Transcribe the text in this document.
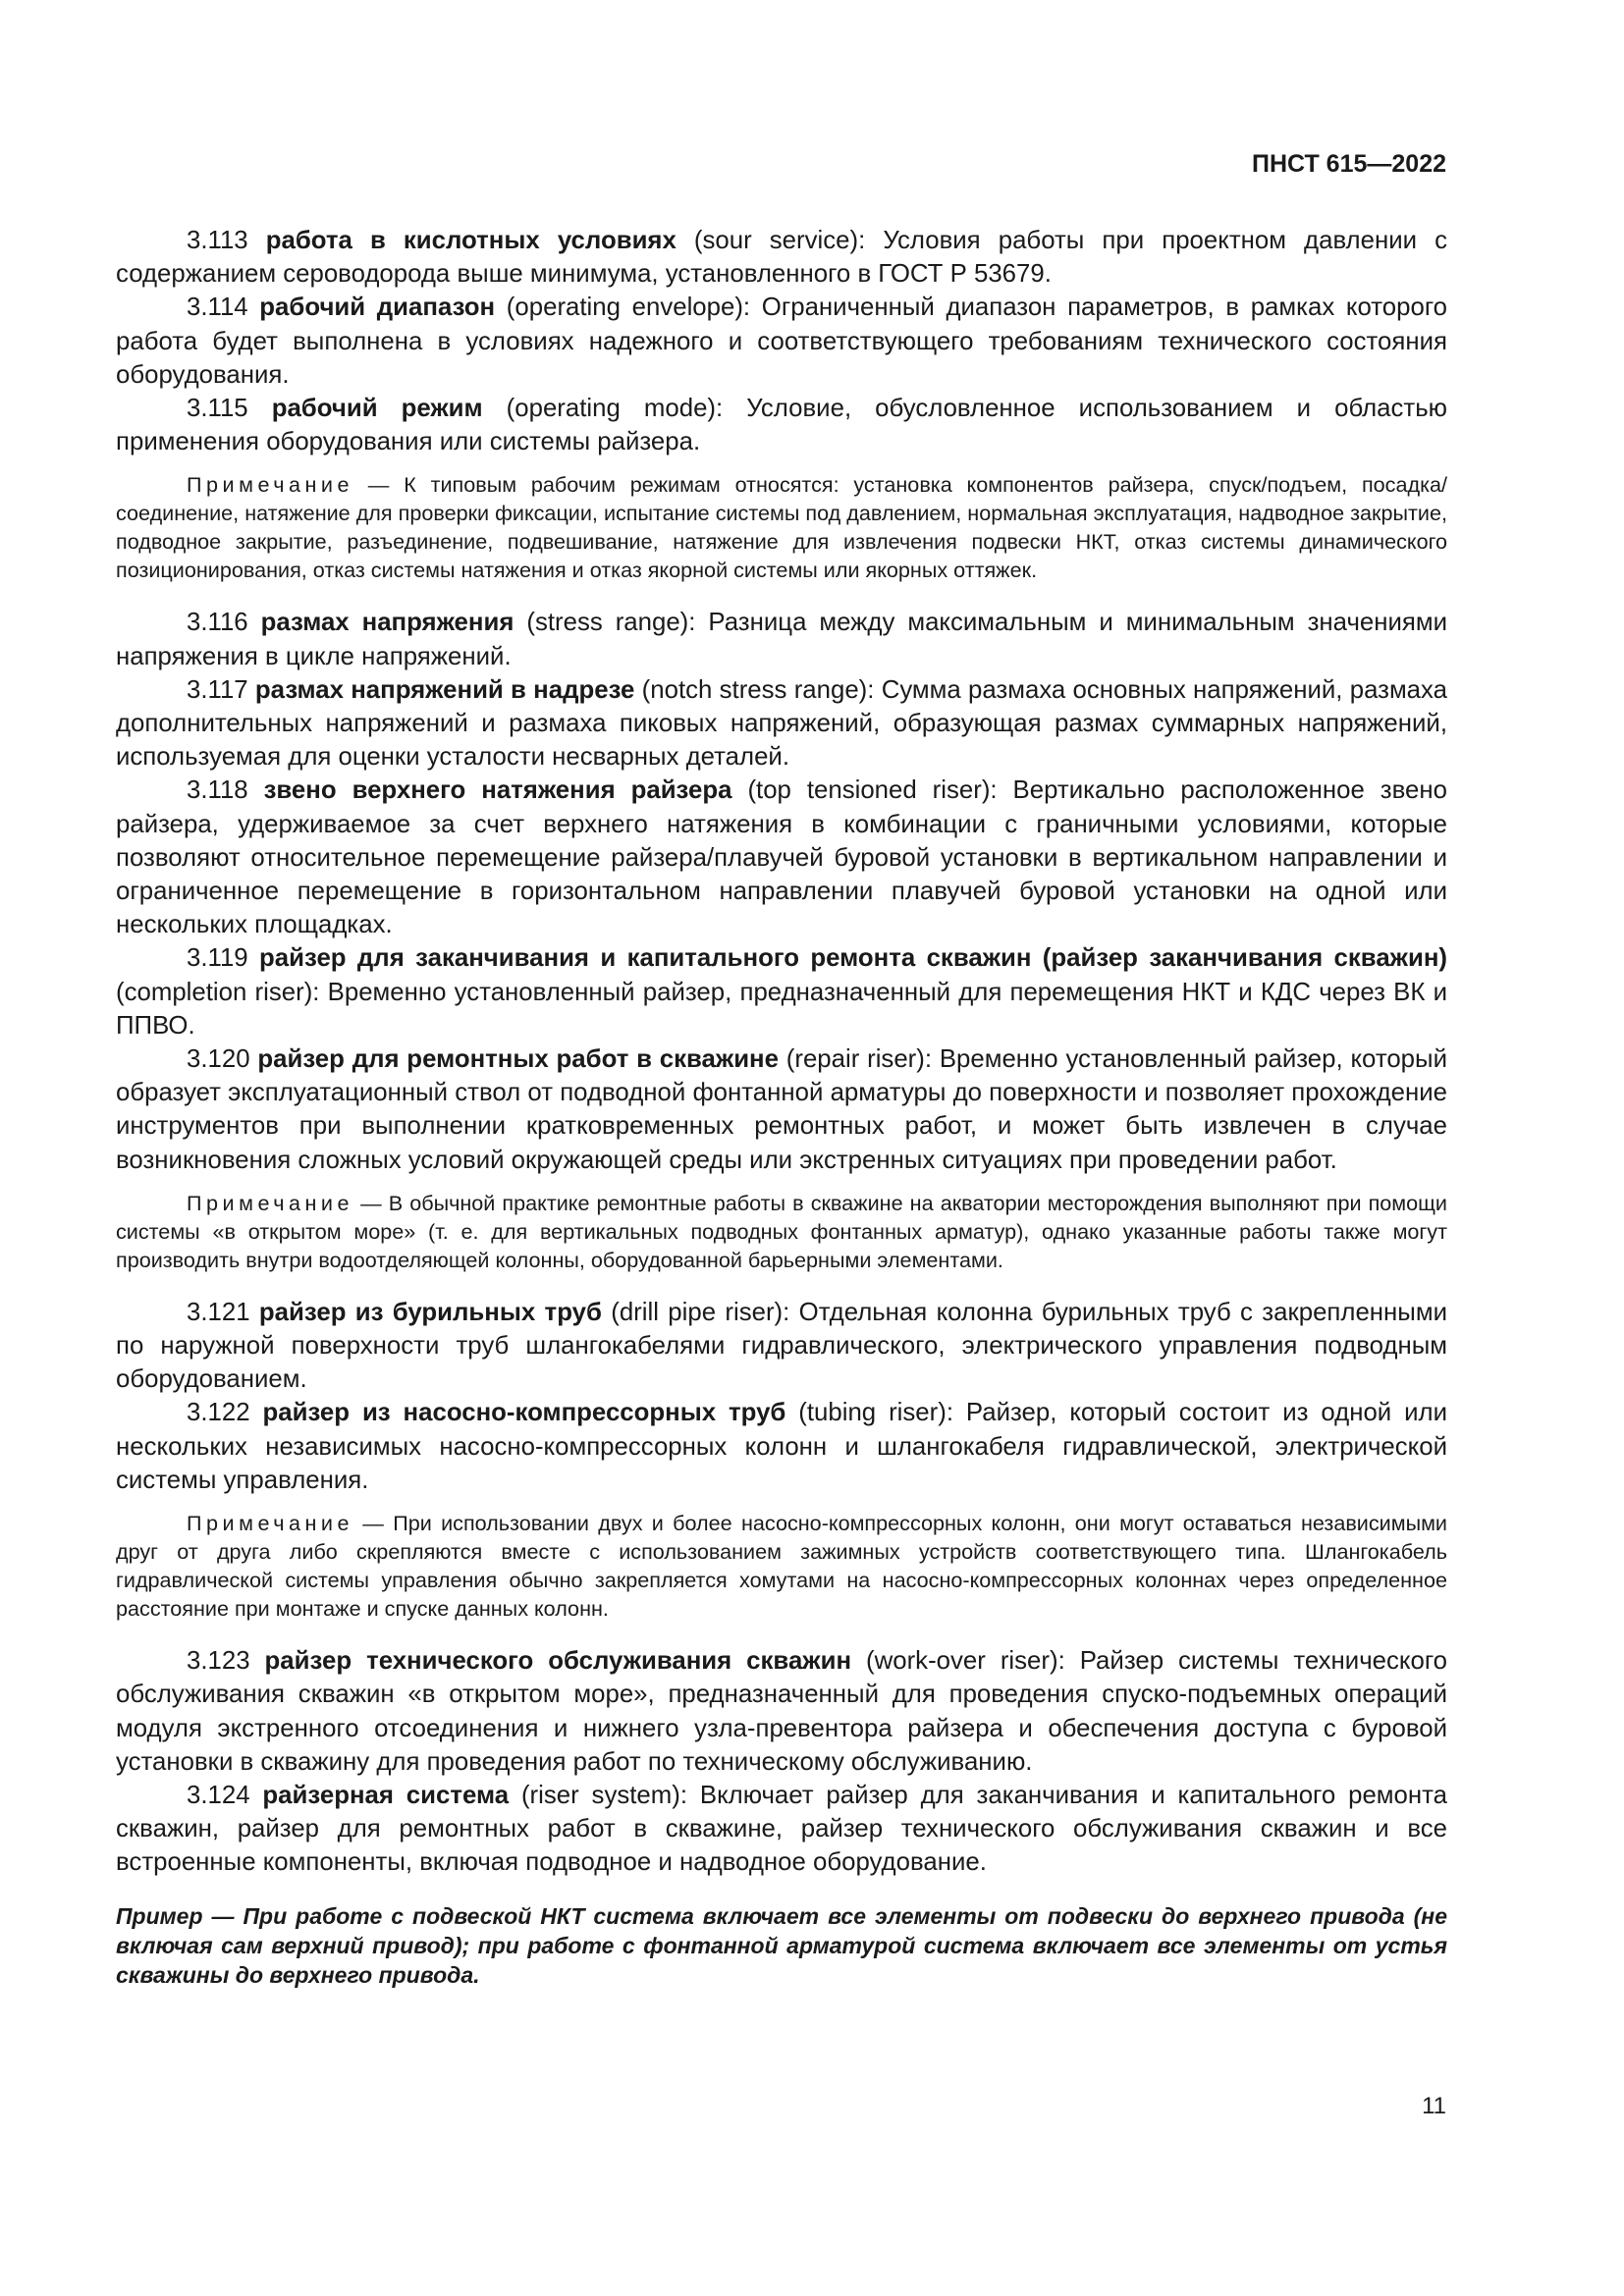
ПНСТ 615—2022

3.113 работа в кислотных условиях (sour service): Условия работы при проектном давлении с содержанием сероводорода выше минимума, установленного в ГОСТ Р 53679.

3.114 рабочий диапазон (operating envelope): Ограниченный диапазон параметров, в рамках которого работа будет выполнена в условиях надежного и соответствующего требованиям технического состояния оборудования.

3.115 рабочий режим (operating mode): Условие, обусловленное использованием и областью применения оборудования или системы райзера.

Примечание — К типовым рабочим режимам относятся: установка компонентов райзера, спуск/подъем, посадка/соединение, натяжение для проверки фиксации, испытание системы под давлением, нормальная эксплуатация, надводное закрытие, подводное закрытие, разъединение, подвешивание, натяжение для извлечения подвески НКТ, отказ системы динамического позиционирования, отказ системы натяжения и отказ якорной системы или якорных оттяжек.

3.116 размах напряжения (stress range): Разница между максимальным и минимальным значениями напряжения в цикле напряжений.

3.117 размах напряжений в надрезе (notch stress range): Сумма размаха основных напряжений, размаха дополнительных напряжений и размаха пиковых напряжений, образующая размах суммарных напряжений, используемая для оценки усталости несварных деталей.

3.118 звено верхнего натяжения райзера (top tensioned riser): Вертикально расположенное звено райзера, удерживаемое за счет верхнего натяжения в комбинации с граничными условиями, которые позволяют относительное перемещение райзера/плавучей буровой установки в вертикальном направлении и ограниченное перемещение в горизонтальном направлении плавучей буровой установки на одной или нескольких площадках.

3.119 райзер для заканчивания и капитального ремонта скважин (райзер заканчивания скважин) (completion riser): Временно установленный райзер, предназначенный для перемещения НКТ и КДС через ВК и ППВО.

3.120 райзер для ремонтных работ в скважине (repair riser): Временно установленный райзер, который образует эксплуатационный ствол от подводной фонтанной арматуры до поверхности и позволяет прохождение инструментов при выполнении кратковременных ремонтных работ, и может быть извлечен в случае возникновения сложных условий окружающей среды или экстренных ситуациях при проведении работ.

Примечание — В обычной практике ремонтные работы в скважине на акватории месторождения выполняют при помощи системы «в открытом море» (т. е. для вертикальных подводных фонтанных арматур), однако указанные работы также могут производить внутри водоотделяющей колонны, оборудованной барьерными элементами.

3.121 райзер из бурильных труб (drill pipe riser): Отдельная колонна бурильных труб с закрепленными по наружной поверхности труб шлангокабелями гидравлического, электрического управления подводным оборудованием.

3.122 райзер из насосно-компрессорных труб (tubing riser): Райзер, который состоит из одной или нескольких независимых насосно-компрессорных колонн и шлангокабеля гидравлической, электрической системы управления.

Примечание — При использовании двух и более насосно-компрессорных колонн, они могут оставаться независимыми друг от друга либо скрепляются вместе с использованием зажимных устройств соответствующего типа. Шлангокабель гидравлической системы управления обычно закрепляется хомутами на насосно-компрессорных колоннах через определенное расстояние при монтаже и спуске данных колонн.

3.123 райзер технического обслуживания скважин (work-over riser): Райзер системы технического обслуживания скважин «в открытом море», предназначенный для проведения спуско-подъемных операций модуля экстренного отсоединения и нижнего узла-превентора райзера и обеспечения доступа с буровой установки в скважину для проведения работ по техническому обслуживанию.

3.124 райзерная система (riser system): Включает райзер для заканчивания и капитального ремонта скважин, райзер для ремонтных работ в скважине, райзер технического обслуживания скважин и все встроенные компоненты, включая подводное и надводное оборудование.

Пример — При работе с подвеской НКТ система включает все элементы от подвески до верхнего привода (не включая сам верхний привод); при работе с фонтанной арматурой система включает все элементы от устья скважины до верхнего привода.

11
